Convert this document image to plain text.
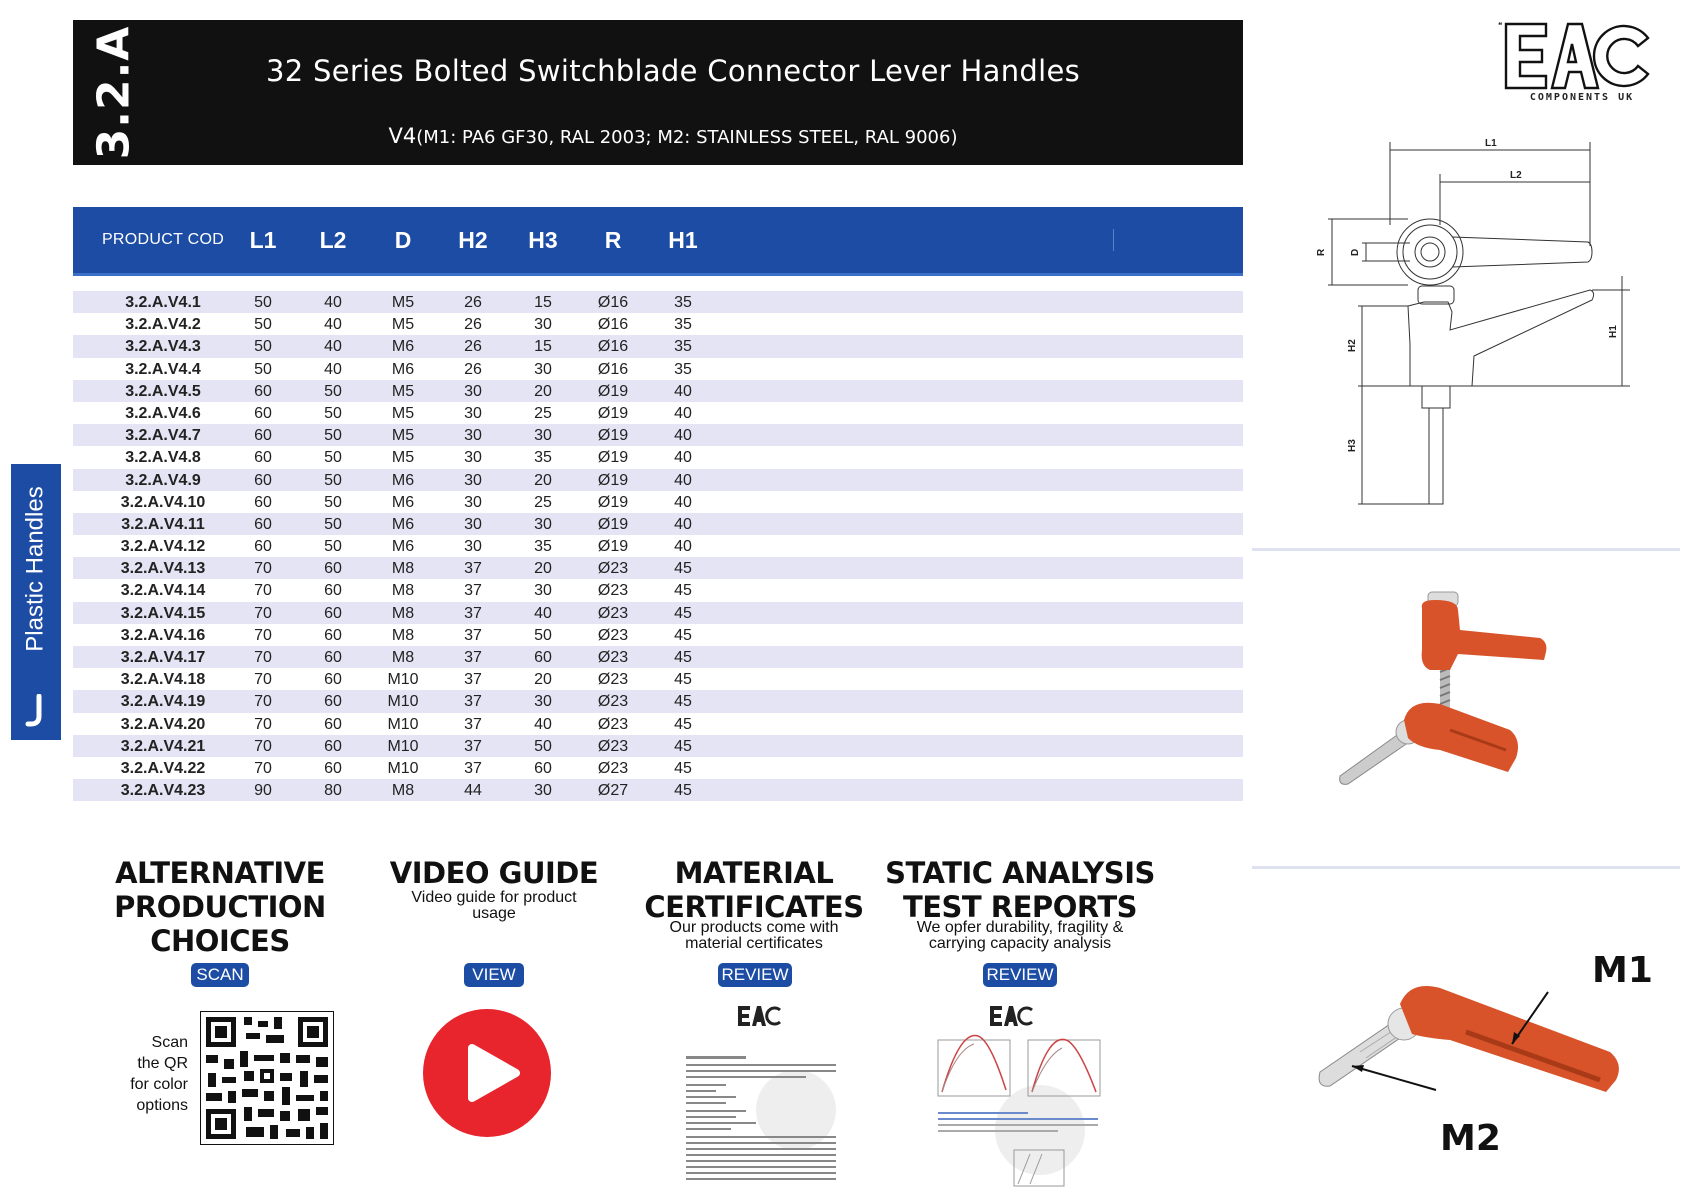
3.2.A	32 Series Bolted Switchblade Connector Lever Handles
V4(M1: PA6 GF30, RAL 2003; M2: STAINLESS STEEL, RAL 9006)
❝
COMPONENTS UK
Plastic Handles
PRODUCT COD	L1	L2	D	H2	H3	R	H1
3.2.A.V4.1	50	40	M5	26	15	Ø16	35
3.2.A.V4.2	50	40	M5	26	30	Ø16	35
3.2.A.V4.3	50	40	M6	26	15	Ø16	35
3.2.A.V4.4	50	40	M6	26	30	Ø16	35
3.2.A.V4.5	60	50	M5	30	20	Ø19	40
3.2.A.V4.6	60	50	M5	30	25	Ø19	40
3.2.A.V4.7	60	50	M5	30	30	Ø19	40
3.2.A.V4.8	60	50	M5	30	35	Ø19	40
3.2.A.V4.9	60	50	M6	30	20	Ø19	40
3.2.A.V4.10	60	50	M6	30	25	Ø19	40
3.2.A.V4.11	60	50	M6	30	30	Ø19	40
3.2.A.V4.12	60	50	M6	30	35	Ø19	40
3.2.A.V4.13	70	60	M8	37	20	Ø23	45
3.2.A.V4.14	70	60	M8	37	30	Ø23	45
3.2.A.V4.15	70	60	M8	37	40	Ø23	45
3.2.A.V4.16	70	60	M8	37	50	Ø23	45
3.2.A.V4.17	70	60	M8	37	60	Ø23	45
3.2.A.V4.18	70	60	M10	37	20	Ø23	45
3.2.A.V4.19	70	60	M10	37	30	Ø23	45
3.2.A.V4.20	70	60	M10	37	40	Ø23	45
3.2.A.V4.21	70	60	M10	37	50	Ø23	45
3.2.A.V4.22	70	60	M10	37	60	Ø23	45
3.2.A.V4.23	90	80	M8	44	30	Ø27	45
ALTERNATIVE
PRODUCTION
CHOICES
SCAN
Scan
the QR
for color
options
VIDEO GUIDE
Video guide for product
usage
VIEW
MATERIAL
CERTIFICATES
Our products come with
material certificates
REVIEW
STATIC ANALYSIS
TEST REPORTS
We opfer durability, fragility &
carrying capacity analysis
REVIEW
L1
L2
R D
H1
H2
H3
M1
M2
